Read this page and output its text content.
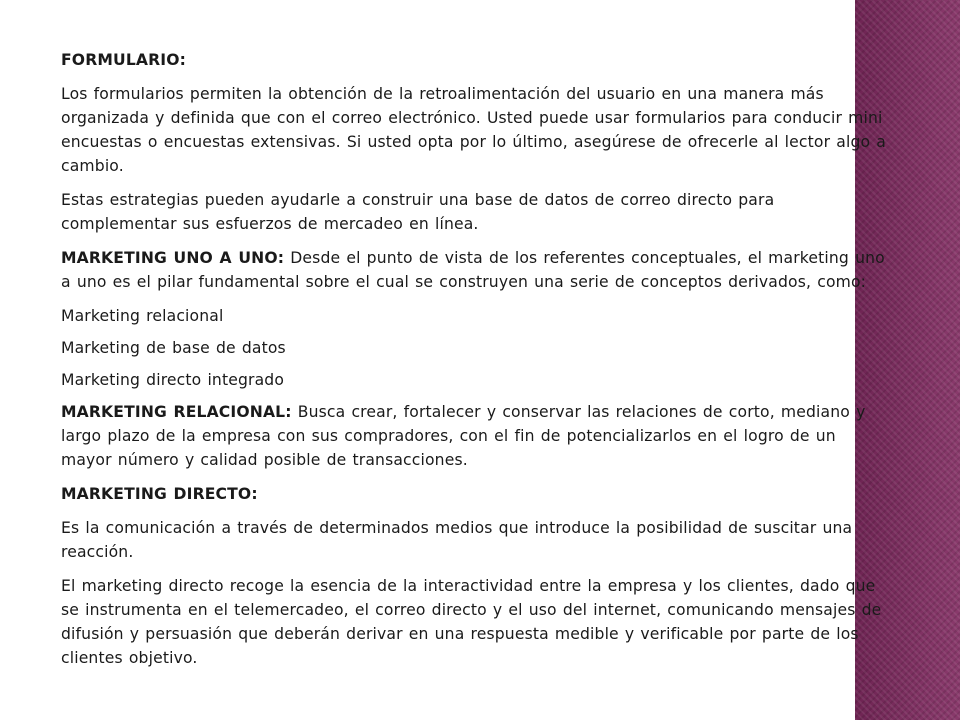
FORMULARIO:

Los formularios permiten la obtención de la retroalimentación del usuario en una manera más organizada y definida que con el correo electrónico. Usted puede usar formularios para conducir mini encuestas o encuestas extensivas. Si usted opta por lo último, asegúrese de ofrecerle al lector algo a cambio.

Estas estrategias pueden ayudarle a construir una base de datos de correo directo para complementar sus esfuerzos de mercadeo en línea.

MARKETING UNO A UNO: Desde el punto de vista de los referentes conceptuales, el marketing uno a uno es el pilar fundamental sobre el cual se construyen una serie de conceptos derivados, como:

Marketing relacional

Marketing de base de datos

Marketing directo integrado

MARKETING RELACIONAL: Busca crear, fortalecer y conservar las relaciones de corto, mediano y largo plazo de la empresa con sus compradores, con el fin de potencializarlos en el logro de un mayor número y calidad posible de transacciones.

MARKETING DIRECTO:

Es la comunicación a través de determinados medios que introduce la posibilidad de suscitar una reacción.

El marketing directo recoge la esencia de la interactividad entre la empresa y los clientes, dado que se instrumenta en el telemercadeo, el correo directo y el uso del internet, comunicando mensajes de difusión y persuasión que deberán derivar en una respuesta medible y verificable por parte de los clientes objetivo.
